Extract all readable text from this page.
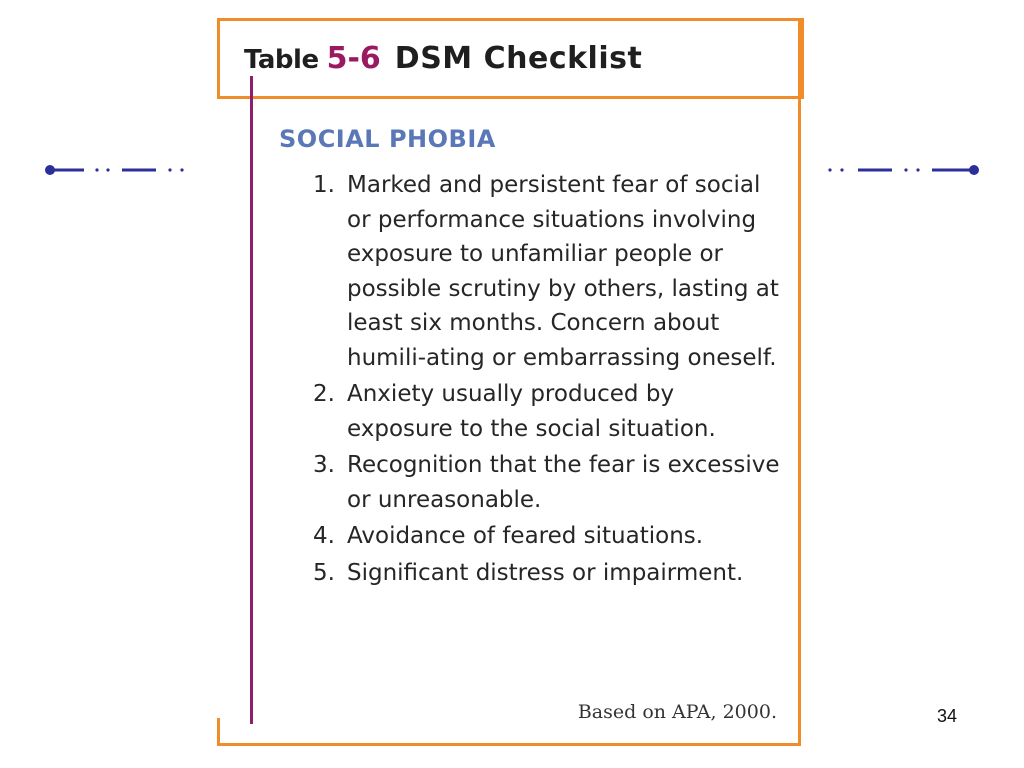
Table 5-6 DSM Checklist
SOCIAL PHOBIA
1. Marked and persistent fear of social or performance situations involving exposure to unfamiliar people or possible scrutiny by others, lasting at least six months. Concern about humili-ating or embarrassing oneself.
2. Anxiety usually produced by exposure to the social situation.
3. Recognition that the fear is excessive or unreasonable.
4. Avoidance of feared situations.
5. Significant distress or impairment.
Based on APA, 2000.	34
